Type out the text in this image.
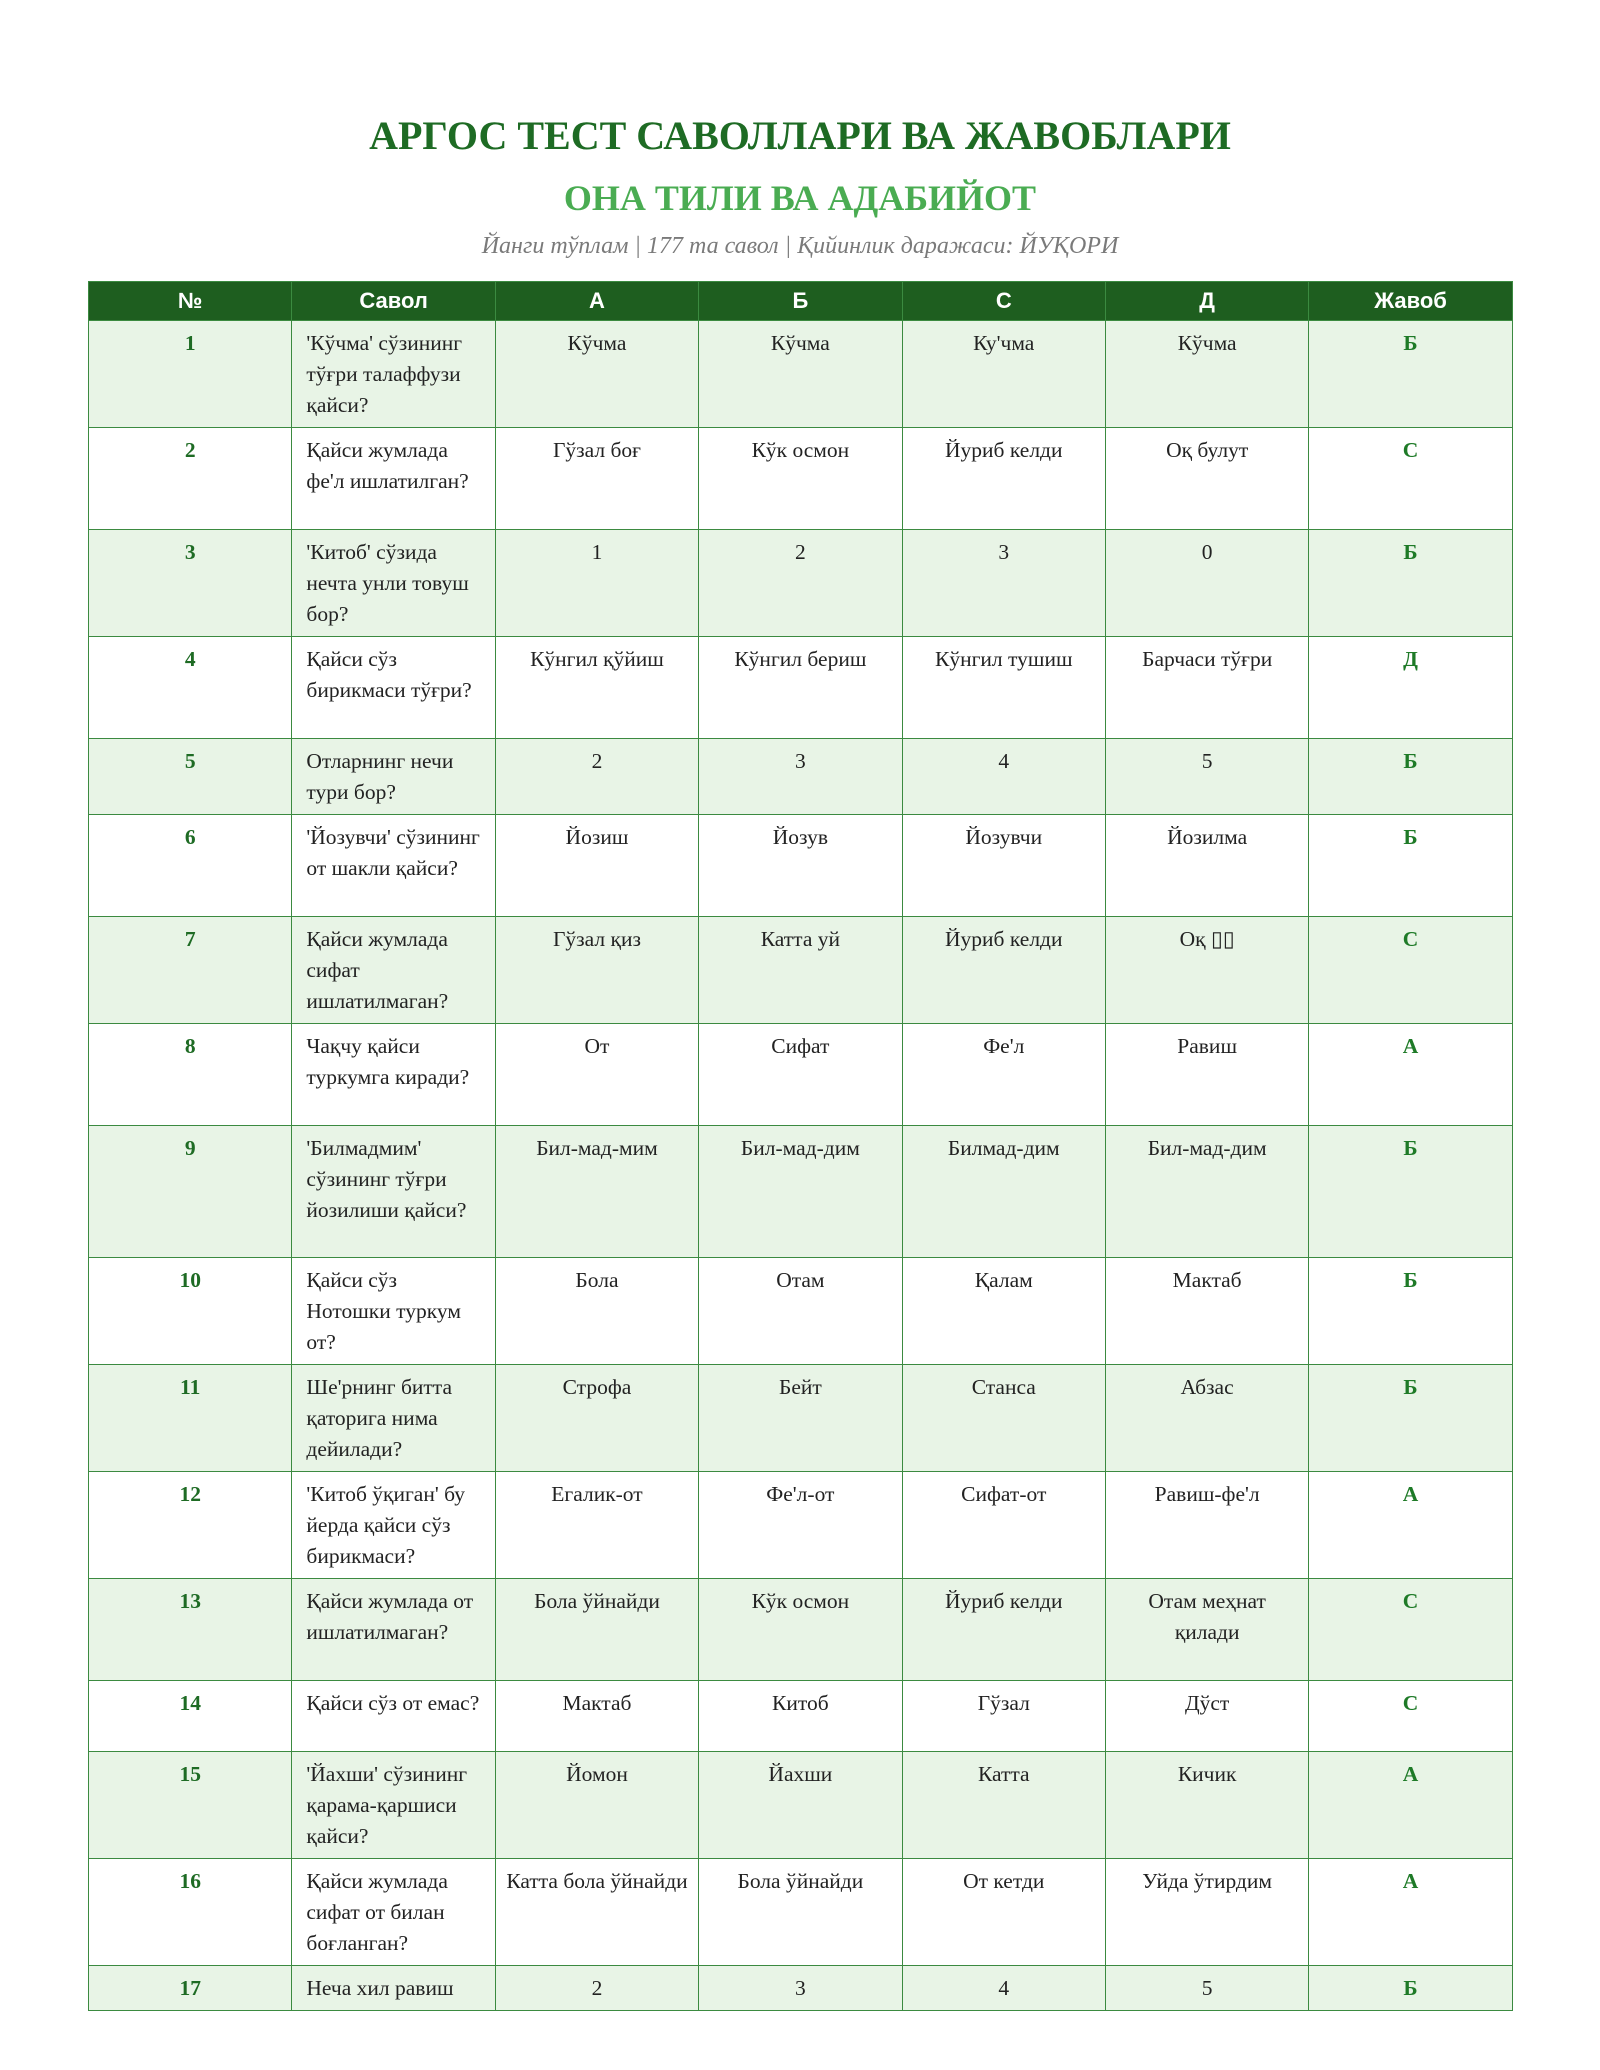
АРГОС ТЕСТ САВОЛЛАРИ ВА ЖАВОБЛАРИ
ОНА ТИЛИ ВА АДАБИЙОТ
Йанги тўплам | 177 та савол | Қийинлик даражаси: ЙУҚОРИ
№	Савол	А	Б	С	Д	Жавоб
1	'Кўчма' сўзининг тўғри талаффузи қайси?	Кўчма	Кўчма	Ку'чма	Кўчма	Б
2	Қайси жумлада фе'л ишлатилган?	Гўзал боғ	Кўк осмон	Йуриб келди	Оқ булут	С
3	'Китоб' сўзида нечта унли товуш бор?	1	2	3	0	Б
4	Қайси сўз бирикмаси тўғри?	Кўнгил қўйиш	Кўнгил бериш	Кўнгил тушиш	Барчаси тўғри	Д
5	Отларнинг нечи тури бор?	2	3	4	5	Б
6	'Йозувчи' сўзининг от шакли қайси?	Йозиш	Йозув	Йозувчи	Йозилма	Б
7	Қайси жумлада сифат ишлатилмаган?	Гўзал қиз	Катта уй	Йуриб келди	Оқ ▯▯	С
8	Чақчу қайси туркумга киради?	От	Сифат	Фе'л	Равиш	А
9	'Билмадмим' сўзининг тўғри йозилиши қайси?	Бил-мад-мим	Бил-мад-дим	Билмад-дим	Бил-мад-дим	Б
10	Қайси сўз Нотошки туркум от?	Бола	Отам	Қалам	Мактаб	Б
11	Ше'рнинг битта қаторига нима дейилади?	Строфа	Бейт	Станса	Абзас	Б
12	'Китоб ўқиган' бу йерда қайси сўз бирикмаси?	Егалик-от	Фе'л-от	Сифат-от	Равиш-фе'л	А
13	Қайси жумлада от ишлатилмаган?	Бола ўйнайди	Кўк осмон	Йуриб келди	Отам меҳнат қилади	С
14	Қайси сўз от емас?	Мактаб	Китоб	Гўзал	Дўст	С
15	'Йахши' сўзининг қарама-қаршиси қайси?	Йомон	Йахши	Катта	Кичик	А
16	Қайси жумлада сифат от билан боғланган?	Катта бола ўйнайди	Бола ўйнайди	От кетди	Уйда ўтирдим	А
17	Неча хил равиш	2	3	4	5	Б
